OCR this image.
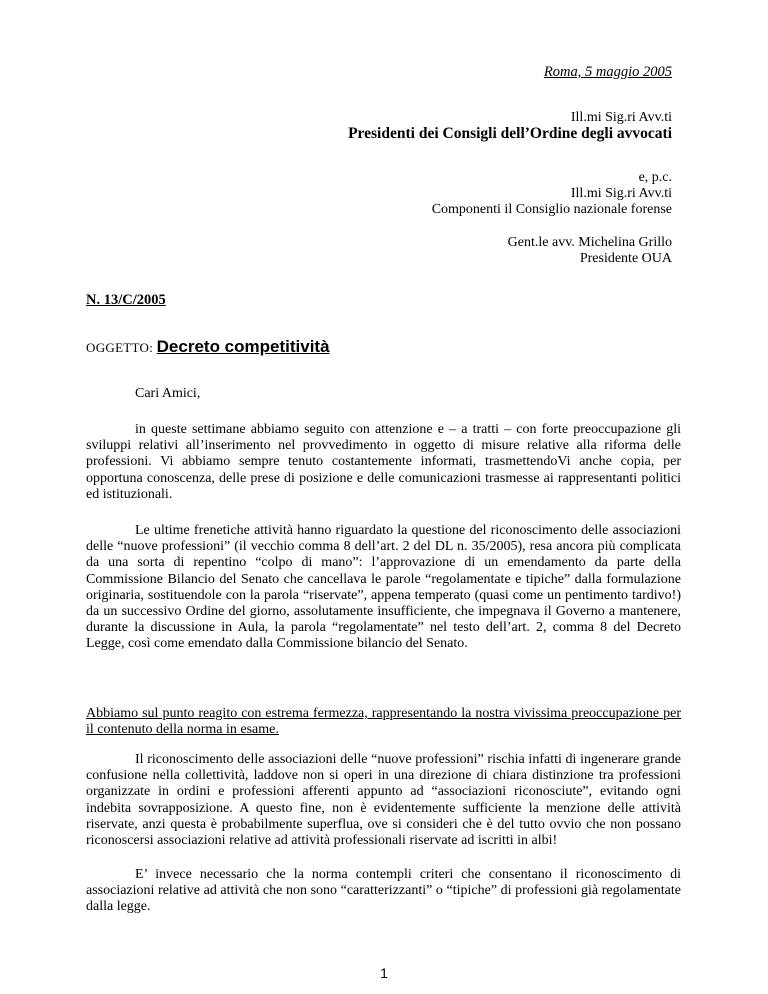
Roma, 5 maggio 2005
Ill.mi Sig.ri Avv.ti
Presidenti dei Consigli dell’Ordine degli avvocati
e, p.c.
Ill.mi Sig.ri Avv.ti
Componenti il Consiglio nazionale forense
Gent.le avv. Michelina Grillo
Presidente OUA
N. 13/C/2005
OGGETTO: Decreto competitività
Cari Amici,
in queste settimane abbiamo seguito con attenzione e – a tratti – con forte preoccupazione gli sviluppi relativi all’inserimento nel provvedimento in oggetto di misure relative alla riforma delle professioni. Vi abbiamo sempre tenuto costantemente informati, trasmettendoVi anche copia, per opportuna conoscenza, delle prese di posizione e delle comunicazioni trasmesse ai rappresentanti politici ed istituzionali.
Le ultime frenetiche attività hanno riguardato la questione del riconoscimento delle associazioni delle “nuove professioni” (il vecchio comma 8 dell’art. 2 del DL n. 35/2005), resa ancora più complicata da una sorta di repentino “colpo di mano”: l’approvazione di un emendamento da parte della Commissione Bilancio del Senato che cancellava le parole “regolamentate e tipiche” dalla formulazione originaria, sostituendole con la parola “riservate”, appena temperato (quasi come un pentimento tardivo!) da un successivo Ordine del giorno, assolutamente insufficiente, che impegnava il Governo a mantenere, durante la discussione in Aula, la parola “regolamentate” nel testo dell’art. 2, comma 8 del Decreto Legge, così come emendato dalla Commissione bilancio del Senato.
Abbiamo sul punto reagito con estrema fermezza, rappresentando la nostra vivissima preoccupazione per il contenuto della norma in esame.
Il riconoscimento delle associazioni delle “nuove professioni” rischia infatti di ingenerare grande confusione nella collettività, laddove non si operi in una direzione di chiara distinzione tra professioni organizzate in ordini e professioni afferenti appunto ad “associazioni riconosciute”, evitando ogni indebita sovrapposizione. A questo fine, non è evidentemente sufficiente la menzione delle attività riservate, anzi questa è probabilmente superflua, ove si consideri che è del tutto ovvio che non possano riconoscersi associazioni relative ad attività professionali riservate ad iscritti in albi!
E’ invece necessario che la norma contempli criteri che consentano il riconoscimento di associazioni relative ad attività che non sono “caratterizzanti” o “tipiche” di professioni già regolamentate dalla legge.
1
